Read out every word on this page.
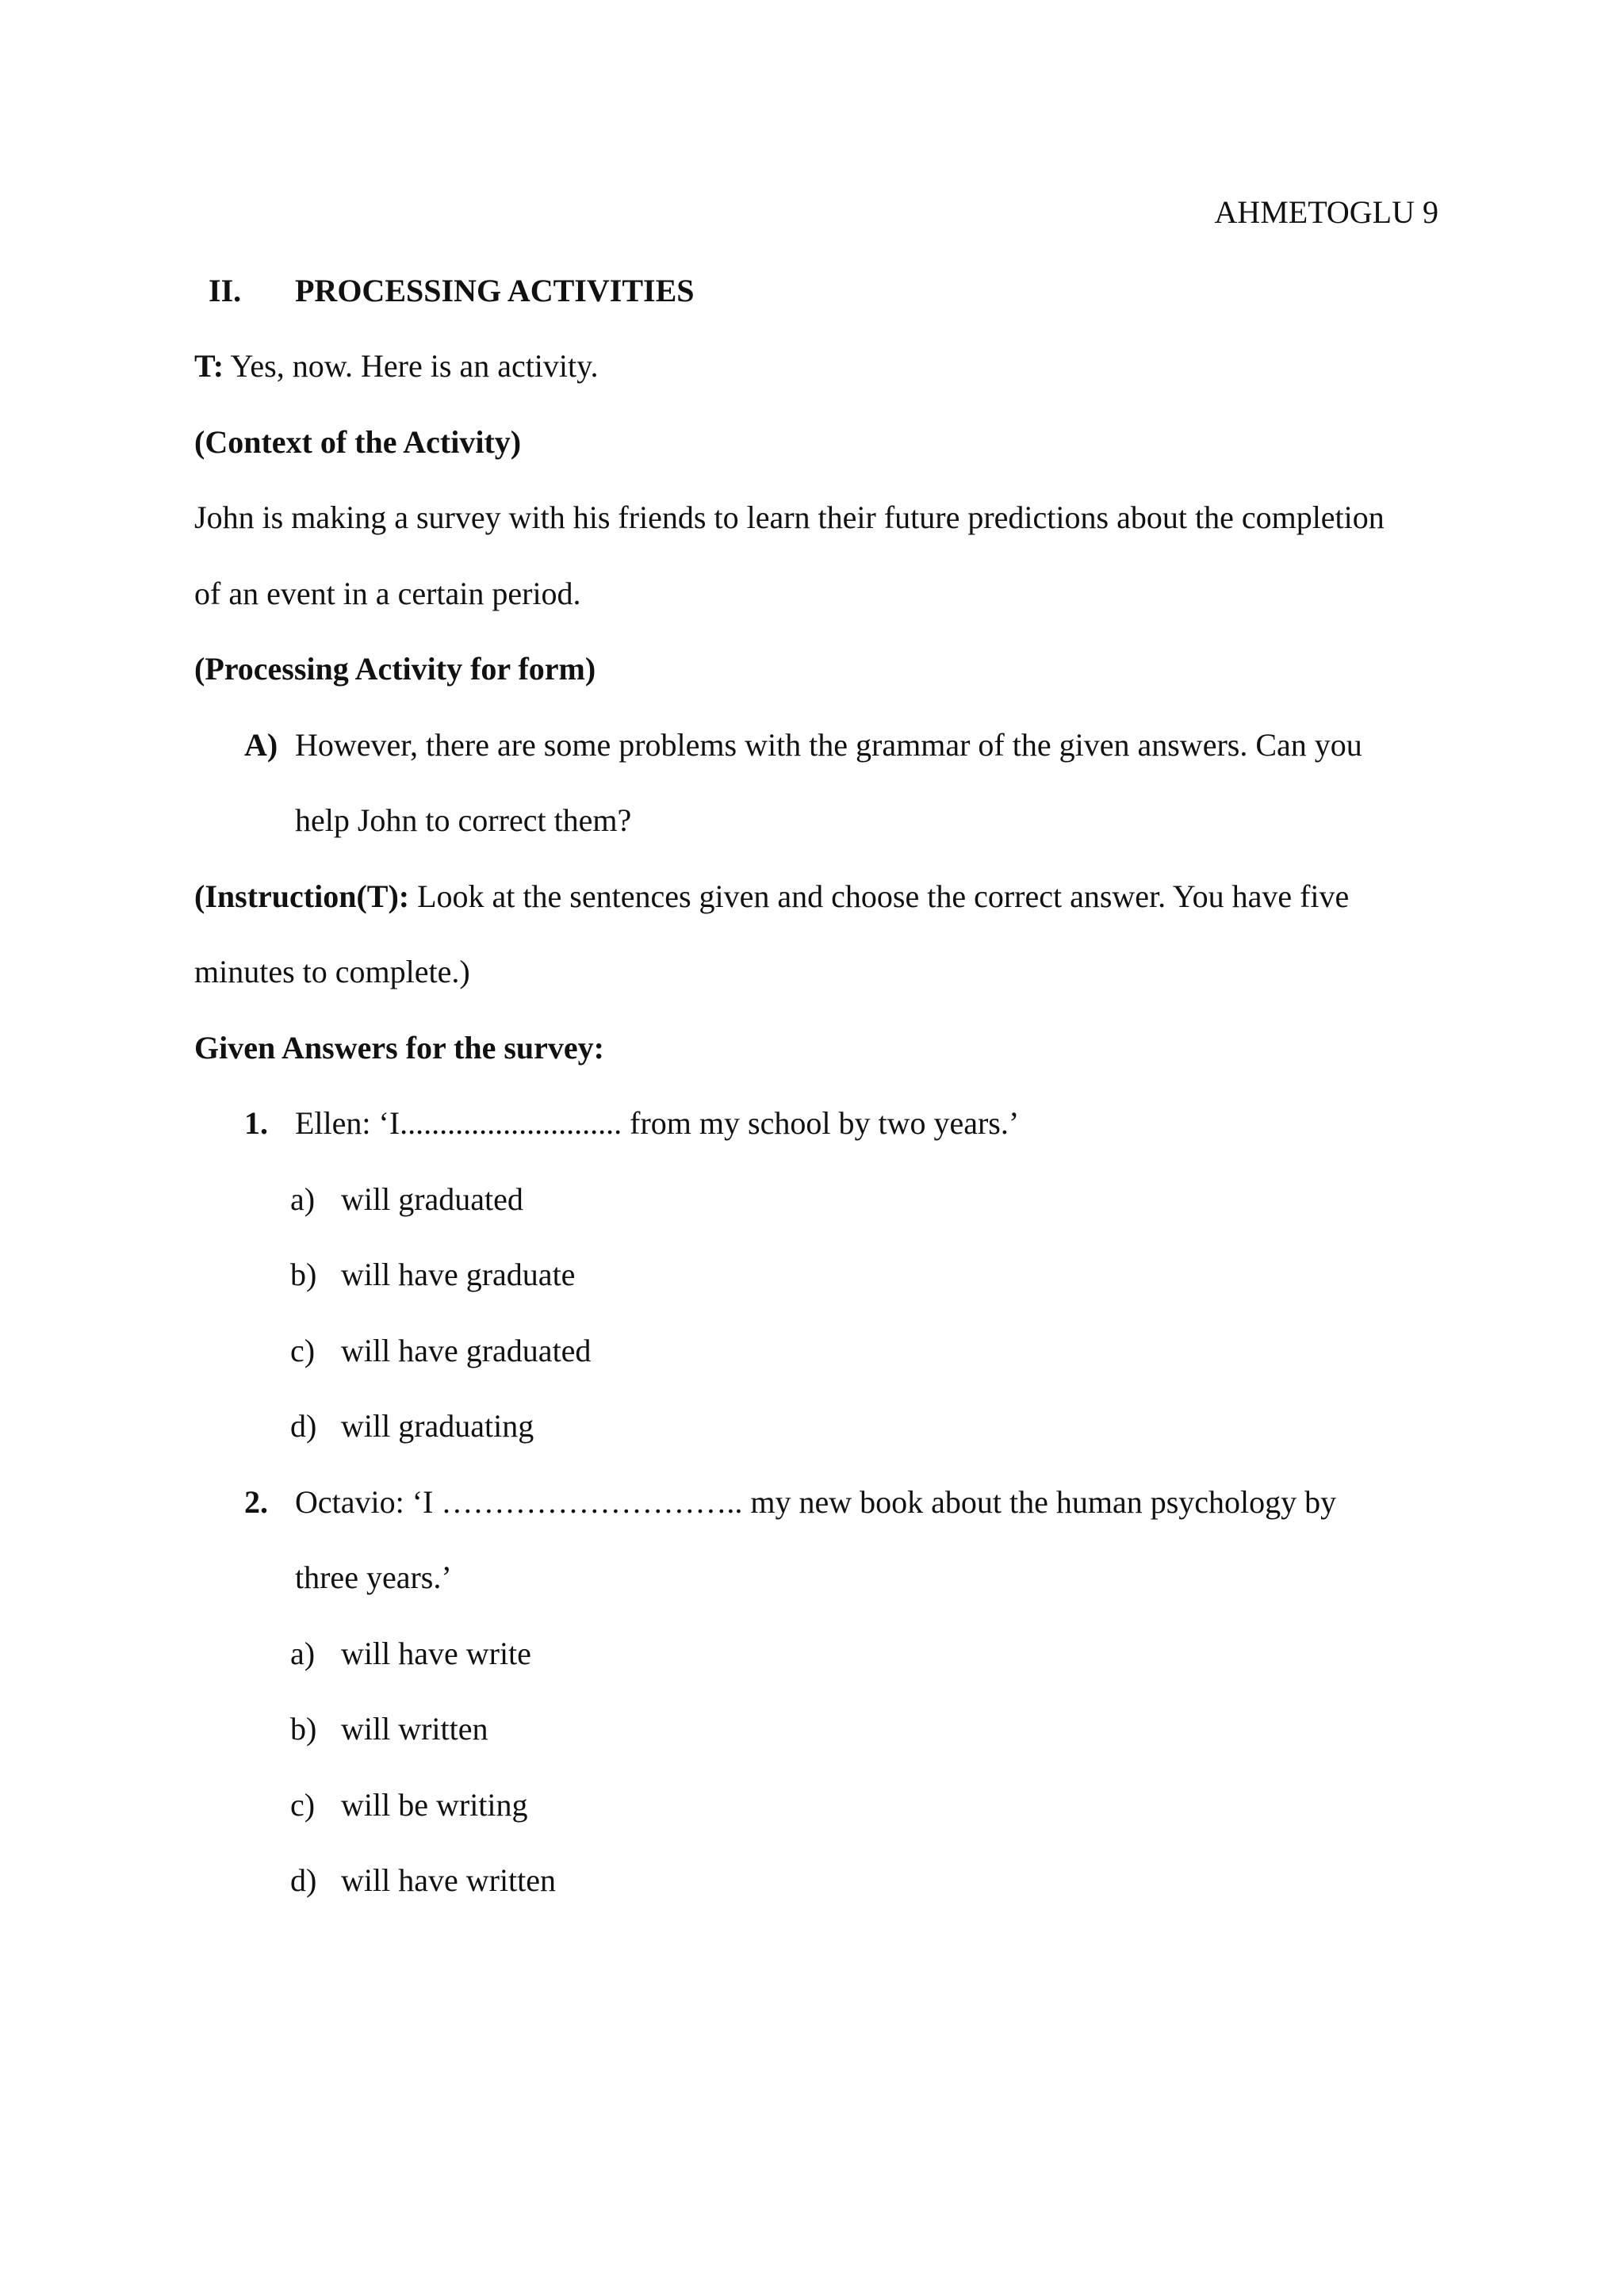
AHMETOGLU 9
II. PROCESSING ACTIVITIES
T: Yes, now. Here is an activity.
(Context of the Activity)
John is making a survey with his friends to learn their future predictions about the completion
of an event in a certain period.
(Processing Activity for form)
A) However, there are some problems with the grammar of the given answers. Can you
help John to correct them?
(Instruction(T): Look at the sentences given and choose the correct answer. You have five
minutes to complete.)
Given Answers for the survey:
1. Ellen: ‘I............................ from my school by two years.’
a) will graduated
b) will have graduate
c) will have graduated
d) will graduating
2. Octavio: ‘I ……………………….. my new book about the human psychology by
three years.’
a) will have write
b) will written
c) will be writing
d) will have written
